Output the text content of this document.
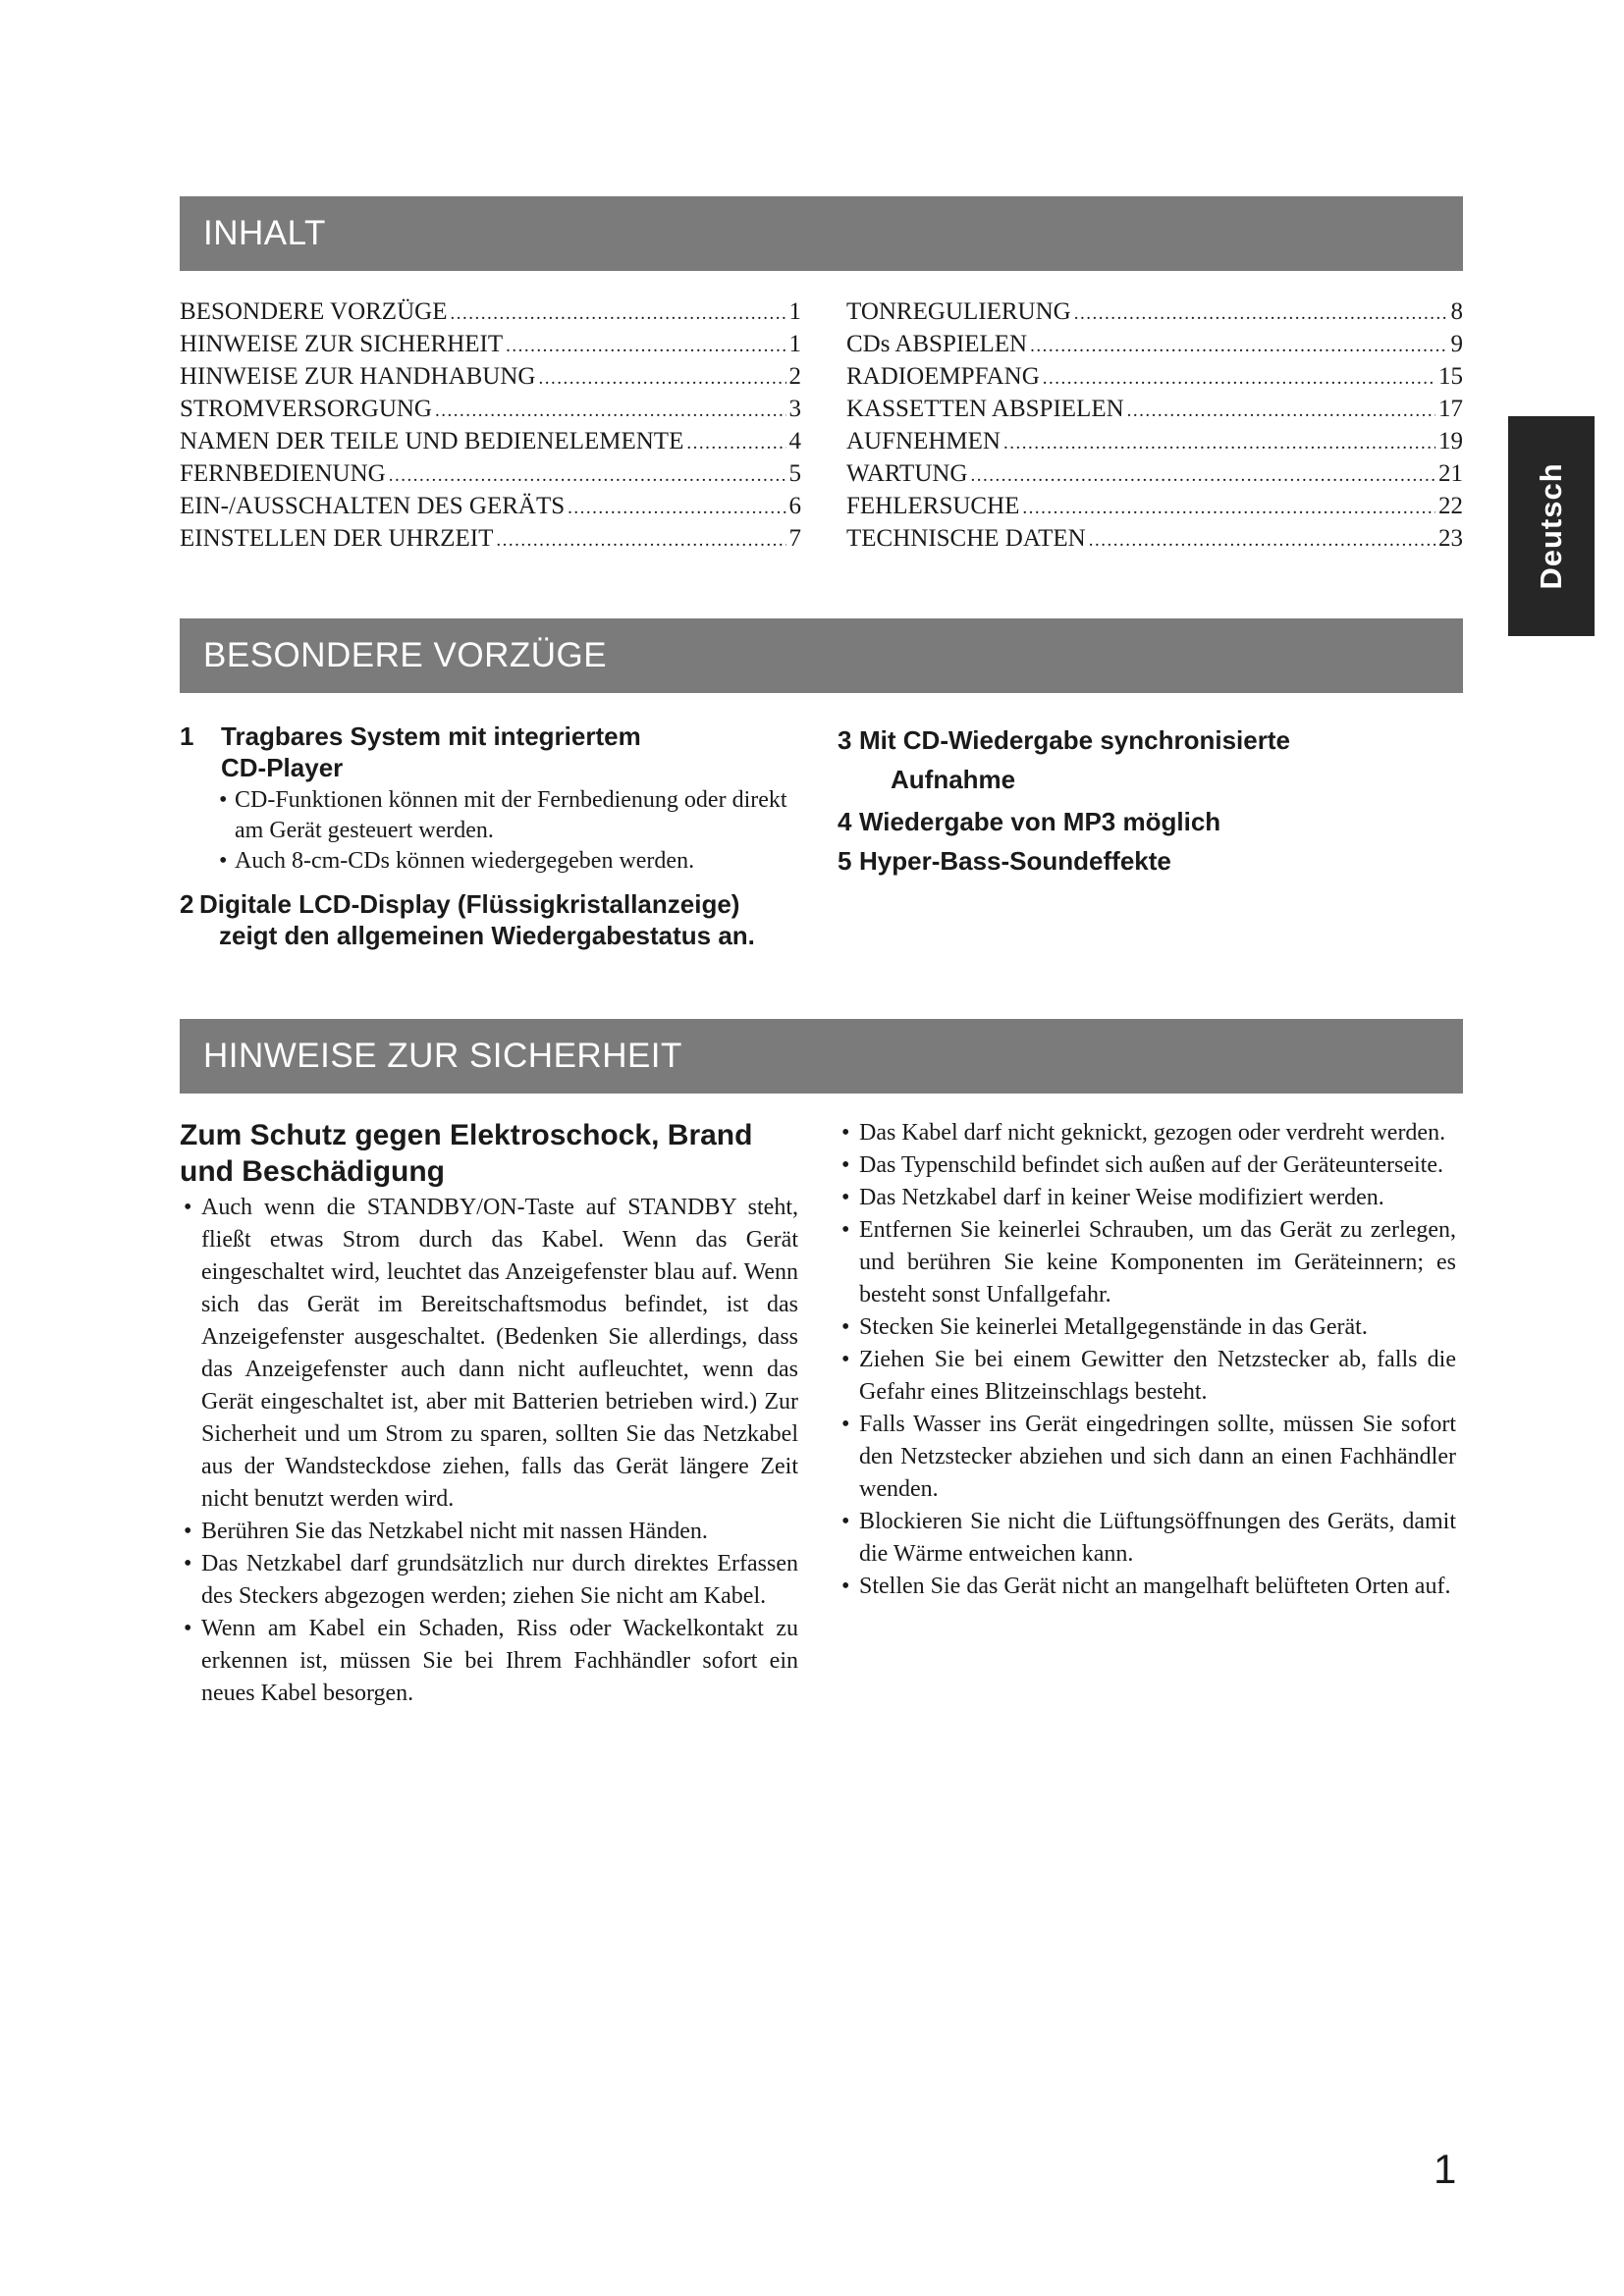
Deutsch
INHALT
BESONDERE VORZÜGE .....	1
HINWEISE ZUR SICHERHEIT .....	1
HINWEISE ZUR HANDHABUNG .....	2
STROMVERSORGUNG .....	3
NAMEN DER TEILE UND BEDIENELEMENTE .....	4
FERNBEDIENUNG .....	5
EIN-/AUSSCHALTEN DES GERÄTS .....	6
EINSTELLEN DER UHRZEIT .....	7
TONREGULIERUNG .....	8
CDs ABSPIELEN .....	9
RADIOEMPFANG .....	15
KASSETTEN ABSPIELEN .....	17
AUFNEHMEN .....	19
WARTUNG .....	21
FEHLERSUCHE .....	22
TECHNISCHE DATEN .....	23
BESONDERE VORZÜGE
1 Tragbares System mit integriertem
CD-Player
• CD-Funktionen können mit der Fernbedienung oder direkt am Gerät gesteuert werden.
• Auch 8-cm-CDs können wiedergegeben werden.
2 Digitale LCD-Display (Flüssigkristallanzeige)
zeigt den allgemeinen Wiedergabestatus an.
3 Mit CD-Wiedergabe synchronisierte
Aufnahme
4 Wiedergabe von MP3 möglich
5 Hyper-Bass-Soundeffekte
HINWEISE ZUR SICHERHEIT
Zum Schutz gegen Elektroschock, Brand und Beschädigung
• Auch wenn die STANDBY/ON-Taste auf STANDBY steht, fließt etwas Strom durch das Kabel. Wenn das Gerät eingeschaltet wird, leuchtet das Anzeigefenster blau auf. Wenn sich das Gerät im Bereitschaftsmodus befindet, ist das Anzeigefenster ausgeschaltet. (Bedenken Sie allerdings, dass das Anzeigefenster auch dann nicht aufleuchtet, wenn das Gerät eingeschaltet ist, aber mit Batterien betrieben wird.) Zur Sicherheit und um Strom zu sparen, sollten Sie das Netzkabel aus der Wandsteckdose ziehen, falls das Gerät längere Zeit nicht benutzt werden wird.
• Berühren Sie das Netzkabel nicht mit nassen Händen.
• Das Netzkabel darf grundsätzlich nur durch direktes Erfassen des Steckers abgezogen werden; ziehen Sie nicht am Kabel.
• Wenn am Kabel ein Schaden, Riss oder Wackelkontakt zu erkennen ist, müssen Sie bei Ihrem Fachhändler sofort ein neues Kabel besorgen.
• Das Kabel darf nicht geknickt, gezogen oder verdreht werden.
• Das Typenschild befindet sich außen auf der Geräteunterseite.
• Das Netzkabel darf in keiner Weise modifiziert werden.
• Entfernen Sie keinerlei Schrauben, um das Gerät zu zerlegen, und berühren Sie keine Komponenten im Geräteinnern; es besteht sonst Unfallgefahr.
• Stecken Sie keinerlei Metallgegenstände in das Gerät.
• Ziehen Sie bei einem Gewitter den Netzstecker ab, falls die Gefahr eines Blitzeinschlags besteht.
• Falls Wasser ins Gerät eingedringen sollte, müssen Sie sofort den Netzstecker abziehen und sich dann an einen Fachhändler wenden.
• Blockieren Sie nicht die Lüftungsöffnungen des Geräts, damit die Wärme entweichen kann.
• Stellen Sie das Gerät nicht an mangelhaft belüfteten Orten auf.
1
